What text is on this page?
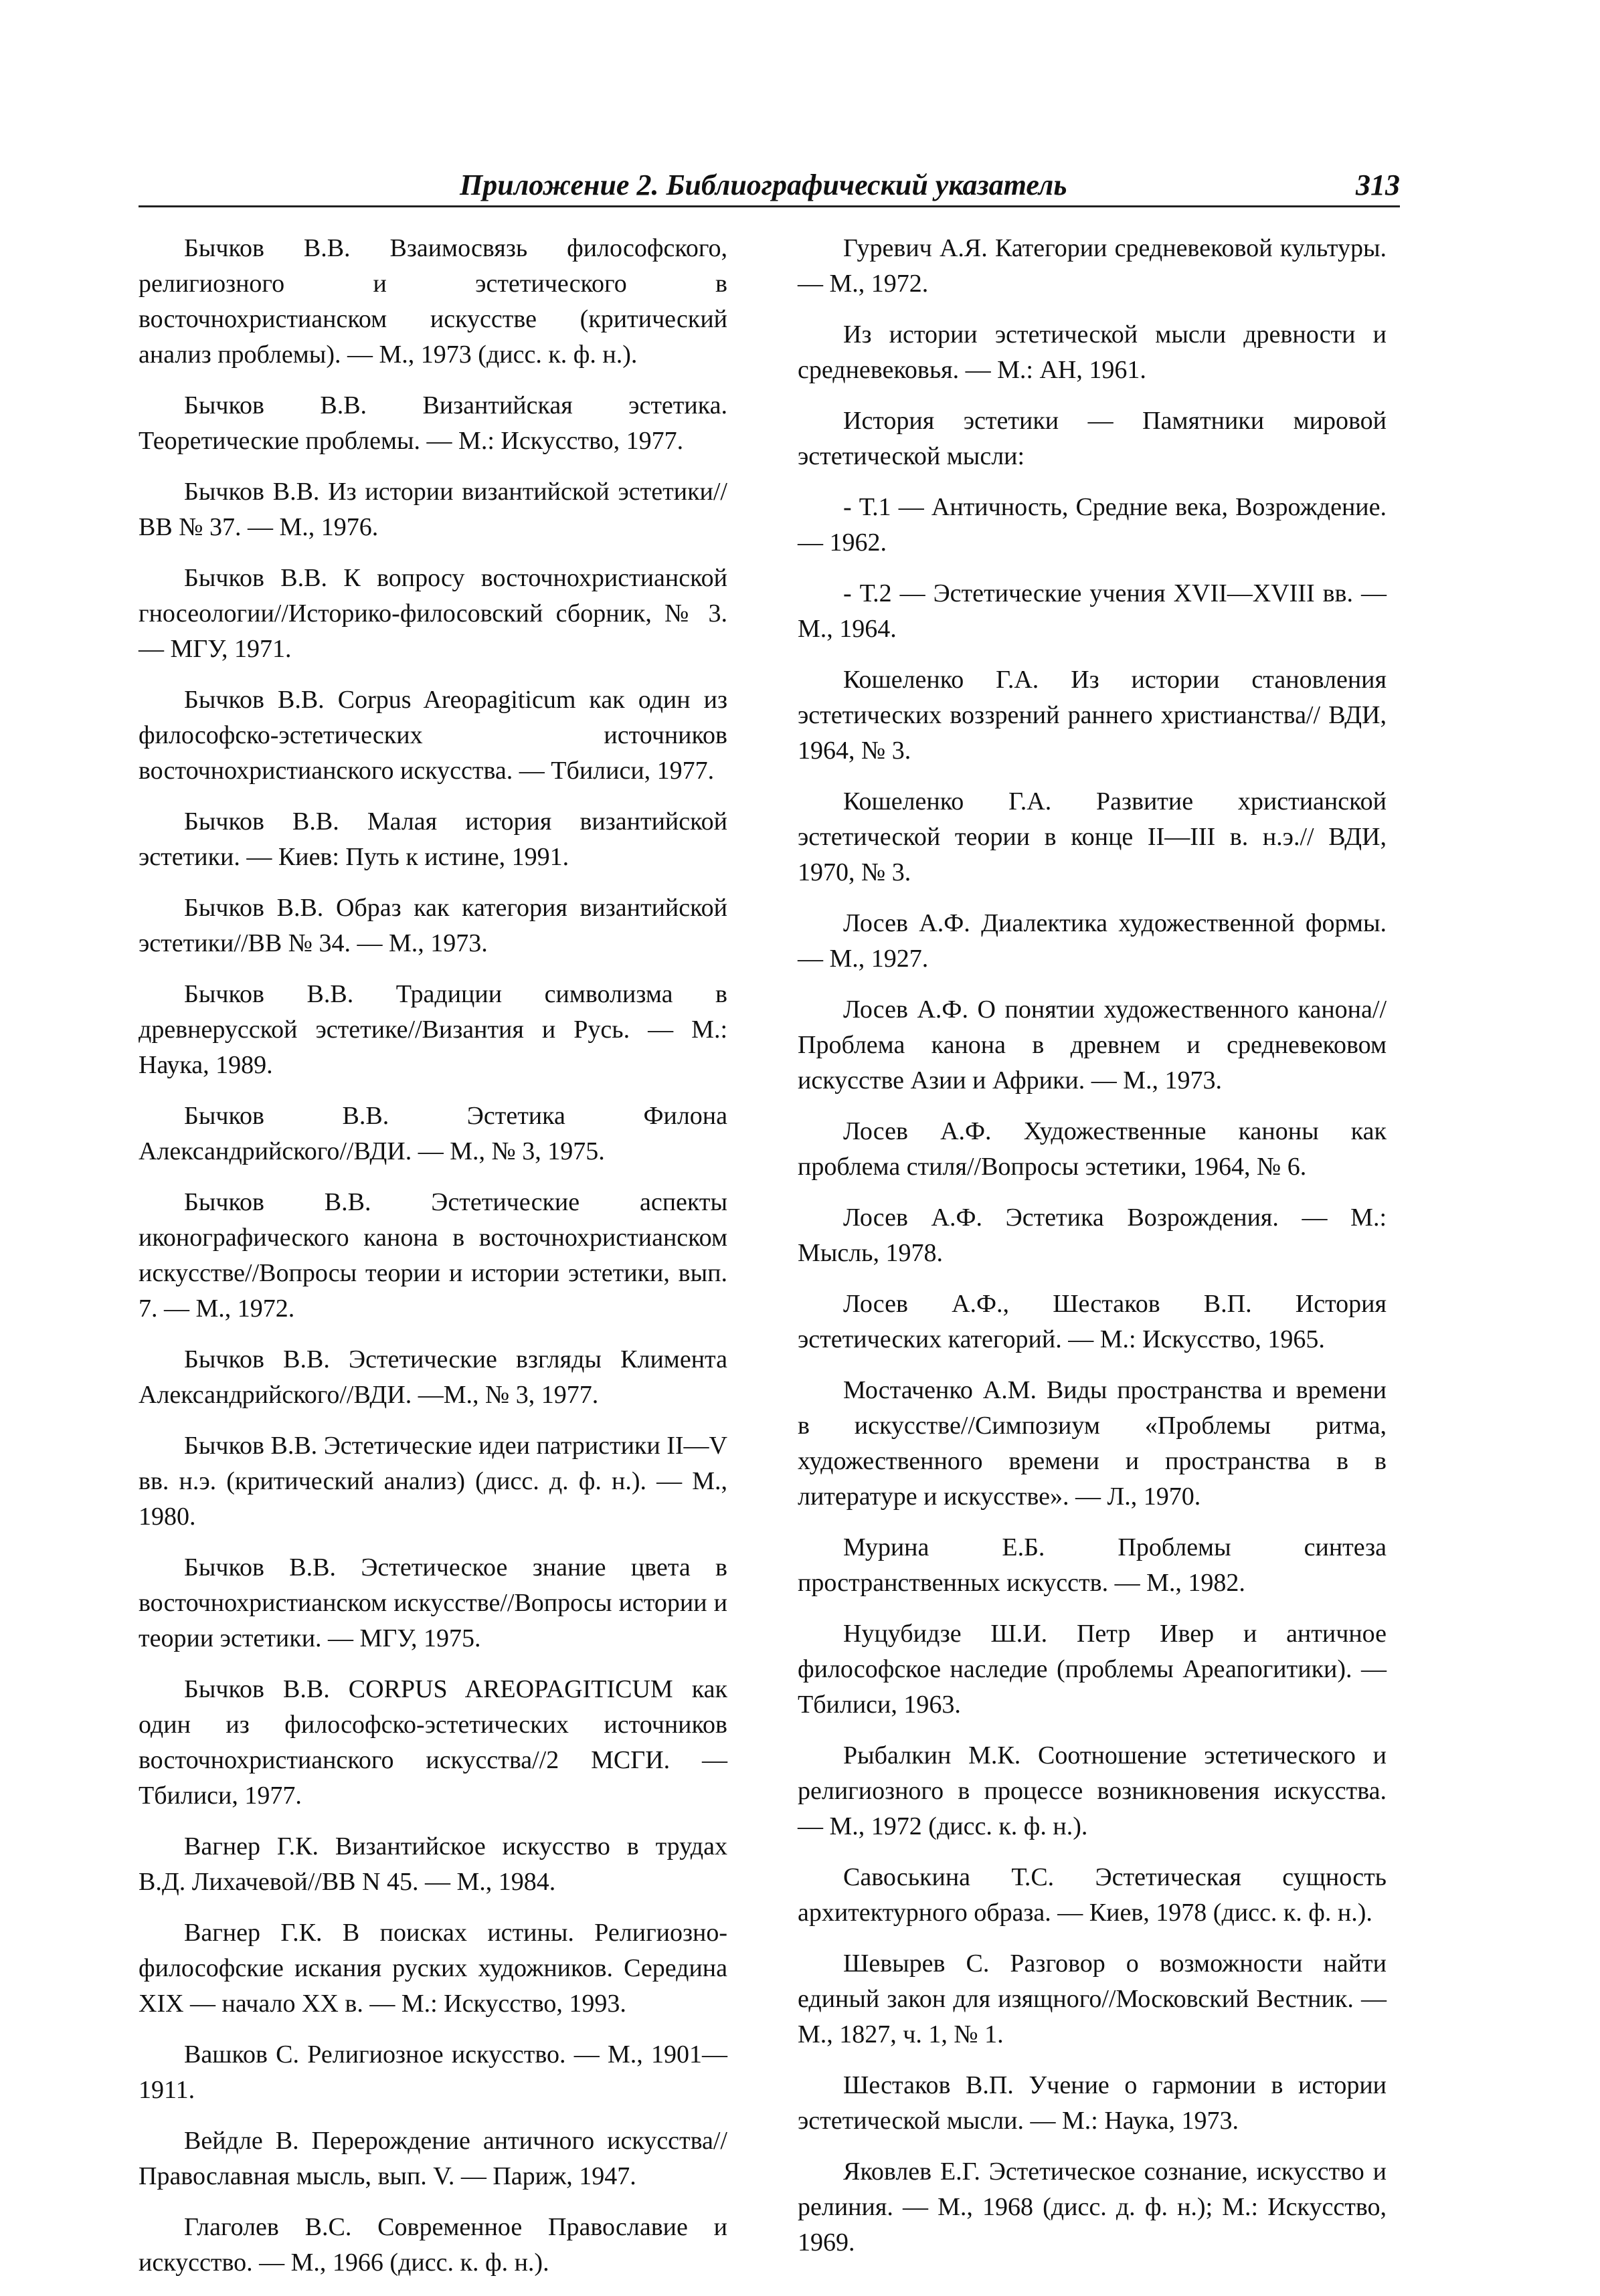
Приложение 2. Библиографический указатель	313

Бычков В.В. Взаимосвязь философского, религиозного и эстетического в восточнохристианском искусстве (критический анализ проблемы). — М., 1973 (дисс. к. ф. н.).

Бычков В.В. Византийская эстетика. Теоретические проблемы. — М.: Искусство, 1977.

Бычков В.В. Из истории византийской эстетики//ВВ № 37. — М., 1976.

Бычков В.В. К вопросу восточнохристианской гносеологии//Историко-филосовский сборник, № 3. — МГУ, 1971.

Бычков В.В. Corpus Areopagiticum как один из философско-эстетических источников восточнохристианского искусства. — Тбилиси, 1977.

Бычков В.В. Малая история византийской эстетики. — Киев: Путь к истине, 1991.

Бычков В.В. Образ как категория византийской эстетики//ВВ № 34. — М., 1973.

Бычков В.В. Традиции символизма в древнерусской эстетике//Византия и Русь. — М.: Наука, 1989.

Бычков В.В. Эстетика Филона Александрийского//ВДИ. — М., № 3, 1975.

Бычков В.В. Эстетические аспекты иконографического канона в восточнохристианском искусстве//Вопросы теории и истории эстетики, вып. 7. — М., 1972.

Бычков В.В. Эстетические взгляды Климента Александрийского//ВДИ. —М., № 3, 1977.

Бычков В.В. Эстетические идеи патристики II—V вв. н.э. (критический анализ) (дисс. д. ф. н.). — М., 1980.

Бычков В.В. Эстетическое знание цвета в восточнохристианском искусстве//Вопросы истории и теории эстетики. — МГУ, 1975.

Бычков В.В. CORPUS AREOPAGITICUM как один из философско-эстетических источников восточнохристианского искусства//2 МСГИ. — Тбилиси, 1977.

Вагнер Г.К. Византийское искусство в трудах В.Д. Лихачевой//ВВ N 45. — М., 1984.

Вагнер Г.К. В поисках истины. Религиозно-философские искания руских художников. Середина XIX — начало XX в. — М.: Искусство, 1993.

Вашков С. Религиозное искусство. — М., 1901—1911.

Вейдле В. Перерождение античного искусства//Православная мысль, вып. V. — Париж, 1947.

Глаголев В.С. Современное Православие и искусство. — М., 1966 (дисс. к. ф. н.).

Гуревич А.Я. Категории средневековой культуры. — М., 1972.

Из истории эстетической мысли древности и средневековья. — М.: АН, 1961.

История эстетики — Памятники мировой эстетической мысли:

- Т.1 — Античность, Средние века, Возрождение. — 1962.

- Т.2 — Эстетические учения XVII—XVIII вв. — М., 1964.

Кошеленко Г.А. Из истории становления эстетических воззрений раннего христианства// ВДИ, 1964, № 3.

Кошеленко Г.А. Развитие христианской эстетической теории в конце II—III в. н.э.// ВДИ, 1970, № 3.

Лосев А.Ф. Диалектика художественной формы. — М., 1927.

Лосев А.Ф. О понятии художественного канона//Проблема канона в древнем и средневековом искусстве Азии и Африки. — М., 1973.

Лосев А.Ф. Художественные каноны как проблема стиля//Вопросы эстетики, 1964, № 6.

Лосев А.Ф. Эстетика Возрождения. — М.: Мысль, 1978.

Лосев А.Ф., Шестаков В.П. История эстетических категорий. — М.: Искусство, 1965.

Мостаченко А.М. Виды пространства и времени в искусстве//Симпозиум «Проблемы ритма, художественного времени и пространства в в литературе и искусстве». — Л., 1970.

Мурина Е.Б. Проблемы синтеза пространственных искусств. — М., 1982.

Нуцубидзе Ш.И. Петр Ивер и античное философское наследие (проблемы Ареапогитики). — Тбилиси, 1963.

Рыбалкин М.К. Соотношение эстетического и религиозного в процессе возникновения искусства. — М., 1972 (дисс. к. ф. н.).

Савоськина Т.С. Эстетическая сущность архитектурного образа. — Киев, 1978 (дисс. к. ф. н.).

Шевырев С. Разговор о возможности найти единый закон для изящного//Московский Вестник. — М., 1827, ч. 1, № 1.

Шестаков В.П. Учение о гармонии в истории эстетической мысли. — М.: Наука, 1973.

Яковлев Е.Г. Эстетическое сознание, искусство и релиния. — М., 1968 (дисс. д. ф. н.); М.: Искусство, 1969.
